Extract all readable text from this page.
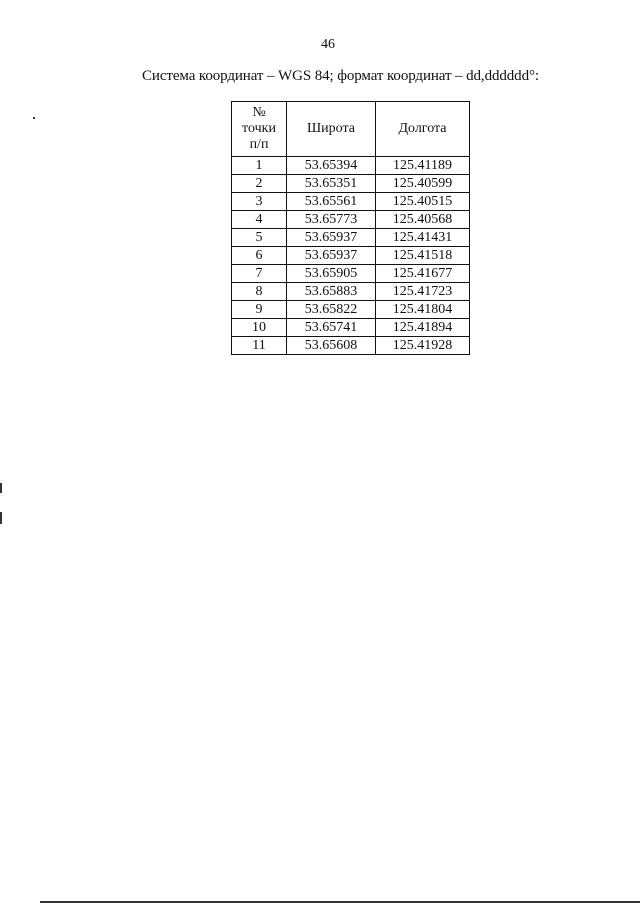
46
Система координат – WGS 84; формат координат – dd,dddddd°:
№
точки
п/п	Широта	Долгота
1	53.65394	125.41189
2	53.65351	125.40599
3	53.65561	125.40515
4	53.65773	125.40568
5	53.65937	125.41431
6	53.65937	125.41518
7	53.65905	125.41677
8	53.65883	125.41723
9	53.65822	125.41804
10	53.65741	125.41894
11	53.65608	125.41928
